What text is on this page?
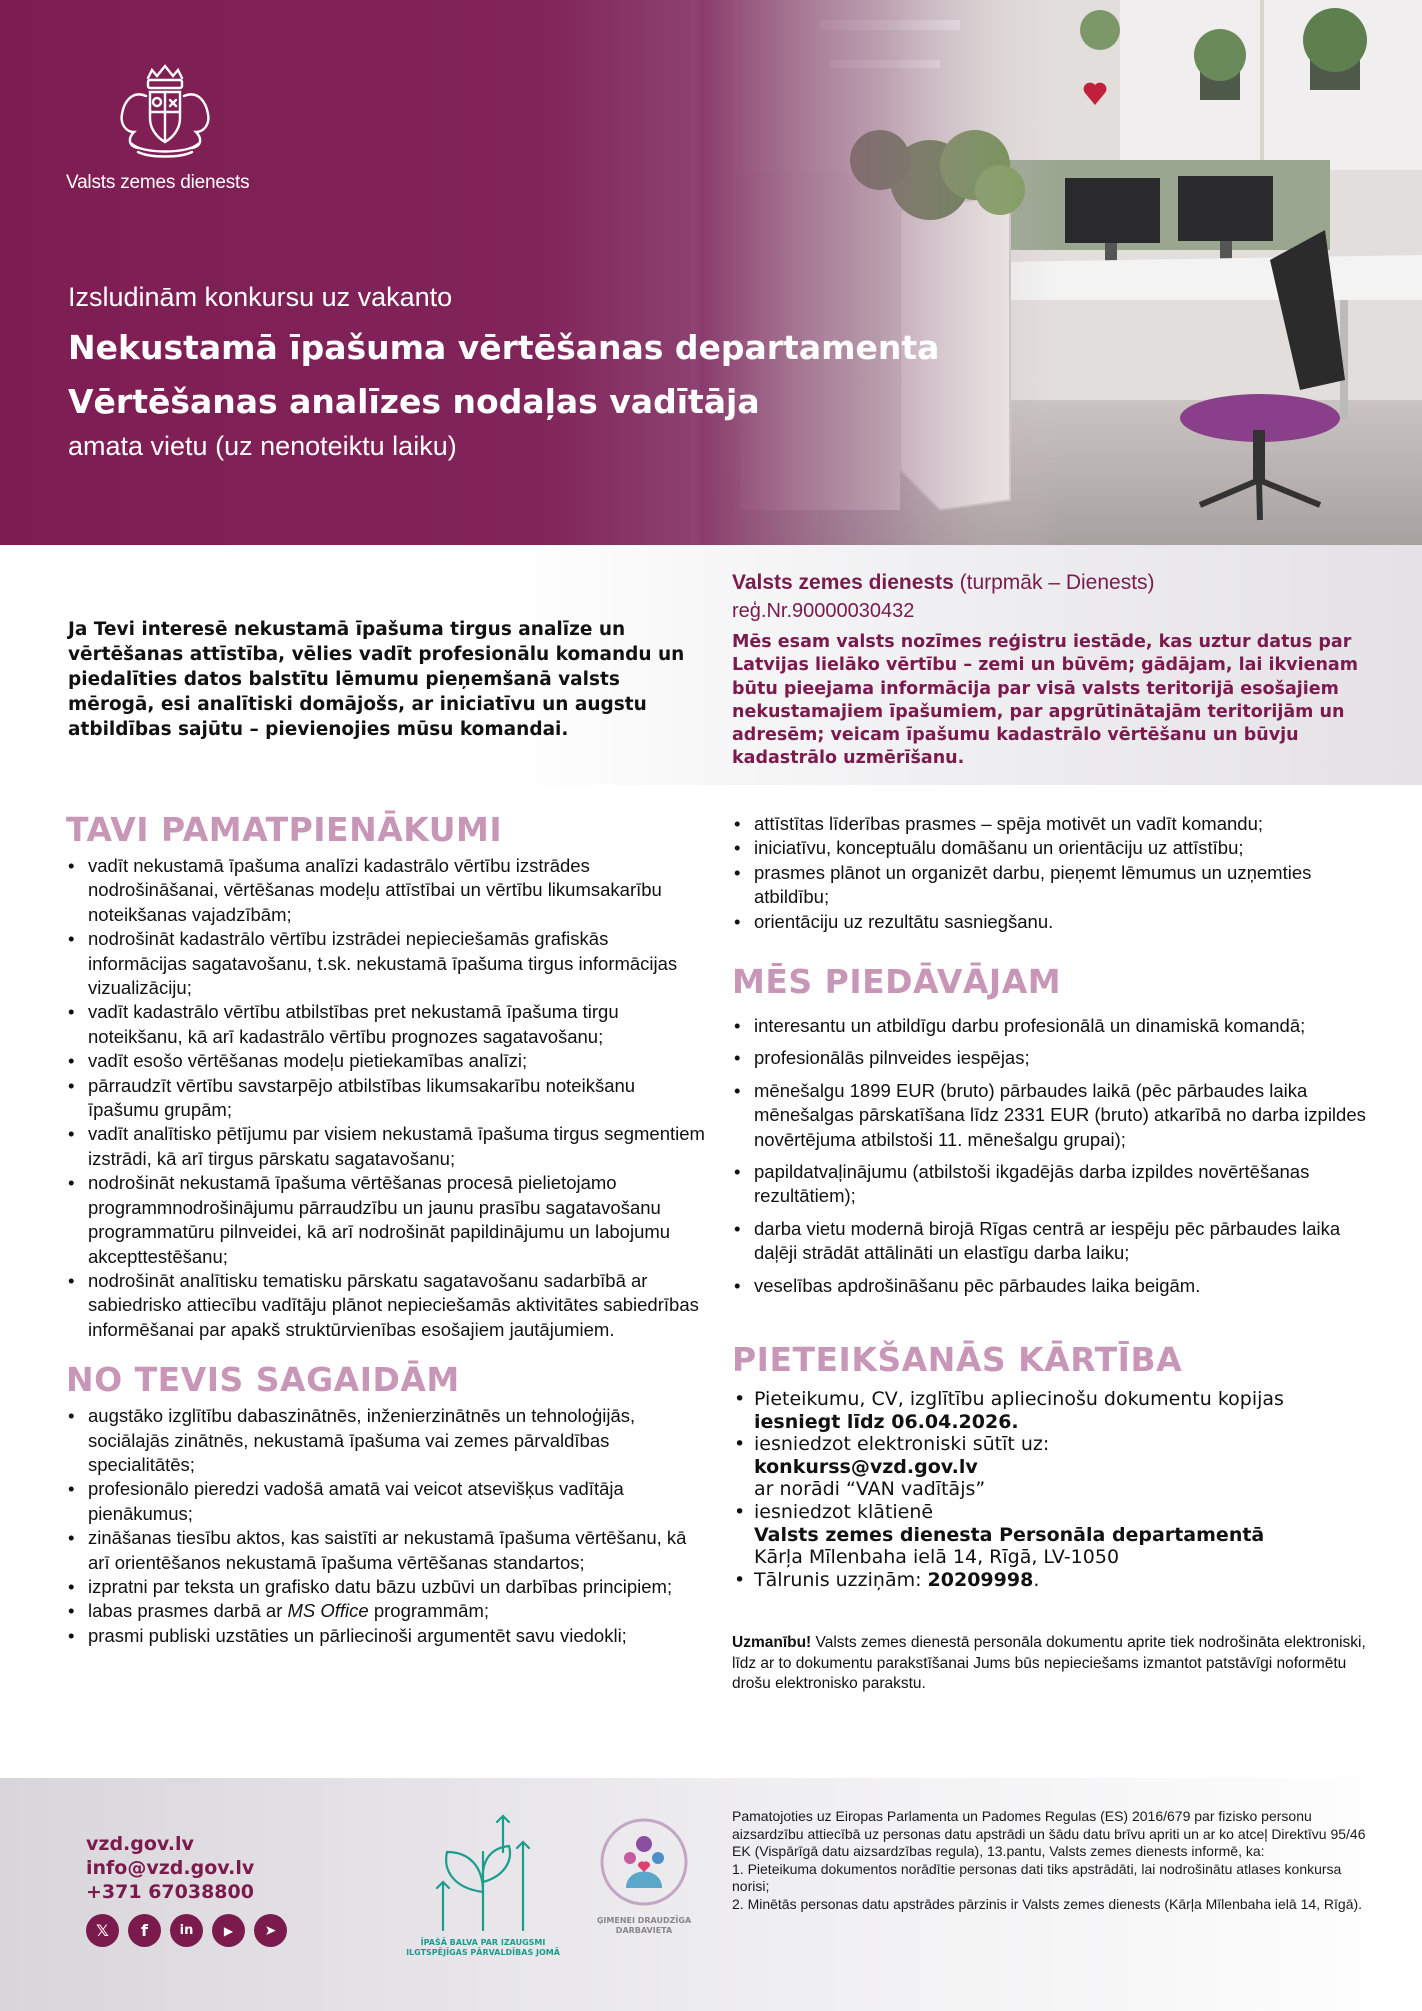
Valsts zemes dienests
Izsludinām konkursu uz vakanto
Nekustamā īpašuma vērtēšanas departamenta
Vērtēšanas analīzes nodaļas vadītāja
amata vietu (uz nenoteiktu laiku)

Ja Tevi interesē nekustamā īpašuma tirgus analīze un vērtēšanas attīstība, vēlies vadīt profesionālu komandu un piedalīties datos balstītu lēmumu pieņemšanā valsts mērogā, esi analītiski domājošs, ar iniciatīvu un augstu atbildības sajūtu – pievienojies mūsu komandai.

Valsts zemes dienests (turpmāk – Dienests)
reģ.Nr.90000030432

Mēs esam valsts nozīmes reģistru iestāde, kas uztur datus par Latvijas lielāko vērtību – zemi un būvēm; gādājam, lai ikvienam būtu pieejama informācija par visā valsts teritorijā esošajiem nekustamajiem īpašumiem, par apgrūtinātajām teritorijām un adresēm; veicam īpašumu kadastrālo vērtēšanu un būvju kadastrālo uzmērīšanu.

TAVI PAMATPIENĀKUMI
• vadīt nekustamā īpašuma analīzi kadastrālo vērtību izstrādes nodrošināšanai, vērtēšanas modeļu attīstībai un vērtību likumsakarību noteikšanas vajadzībām;
• nodrošināt kadastrālo vērtību izstrādei nepieciešamās grafiskās informācijas sagatavošanu, t.sk. nekustamā īpašuma tirgus informācijas vizualizāciju;
• vadīt kadastrālo vērtību atbilstības pret nekustamā īpašuma tirgu noteikšanu, kā arī kadastrālo vērtību prognozes sagatavošanu;
• vadīt esošo vērtēšanas modeļu pietiekamības analīzi;
• pārraudzīt vērtību savstarpējo atbilstības likumsakarību noteikšanu īpašumu grupām;
• vadīt analītisko pētījumu par visiem nekustamā īpašuma tirgus segmentiem izstrādi, kā arī tirgus pārskatu sagatavošanu;
• nodrošināt nekustamā īpašuma vērtēšanas procesā pielietojamo programmnodrošinājumu pārraudzību un jaunu prasību sagatavošanu programmatūru pilnveidei, kā arī nodrošināt papildinājumu un labojumu akcepttestēšanu;
• nodrošināt analītisku tematisku pārskatu sagatavošanu sadarbībā ar sabiedrisko attiecību vadītāju plānot nepieciešamās aktivitātes sabiedrības informēšanai par apakš struktūrvienības esošajiem jautājumiem.
NO TEVIS SAGAIDĀM
• augstāko izglītību dabaszinātnēs, inženierzinātnēs un tehnoloģijās, sociālajās zinātnēs, nekustamā īpašuma vai zemes pārvaldības specialitātēs;
• profesionālo pieredzi vadošā amatā vai veicot atsevišķus vadītāja pienākumus;
• zināšanas tiesību aktos, kas saistīti ar nekustamā īpašuma vērtēšanu, kā arī orientēšanos nekustamā īpašuma vērtēšanas standartos;
• izpratni par teksta un grafisko datu bāzu uzbūvi un darbības principiem;
• labas prasmes darbā ar MS Office programmām;
• prasmi publiski uzstāties un pārliecinoši argumentēt savu viedokli;
• attīstītas līderības prasmes – spēja motivēt un vadīt komandu;
• iniciatīvu, konceptuālu domāšanu un orientāciju uz attīstību;
• prasmes plānot un organizēt darbu, pieņemt lēmumus un uzņemties atbildību;
• orientāciju uz rezultātu sasniegšanu.
MĒS PIEDĀVĀJAM
• interesantu un atbildīgu darbu profesionālā un dinamiskā komandā;
• profesionālās pilnveides iespējas;
• mēnešalgu 1899 EUR (bruto) pārbaudes laikā (pēc pārbaudes laika mēnešalgas pārskatīšana līdz 2331 EUR (bruto) atkarībā no darba izpildes novērtējuma atbilstoši 11. mēnešalgu grupai);
• papildatvaļinājumu (atbilstoši ikgadējās darba izpildes novērtēšanas rezultātiem);
• darba vietu modernā birojā Rīgas centrā ar iespēju pēc pārbaudes laika daļēji strādāt attālināti un elastīgu darba laiku;
• veselības apdrošināšanu pēc pārbaudes laika beigām.
PIETEIKŠANĀS KĀRTĪBA
• Pieteikumu, CV, izglītību apliecinošu dokumentu kopijas
iesniegt līdz 06.04.2026.
• iesniedzot elektroniski sūtīt uz:
konkurss@vzd.gov.lv
ar norādi “VAN vadītājs”
• iesniedzot klātienē
Valsts zemes dienesta Personāla departamentā
Kārļa Mīlenbaha ielā 14, Rīgā, LV-1050
• Tālrunis uzziņām: 20209998.

Uzmanību! Valsts zemes dienestā personāla dokumentu aprite tiek nodrošināta elektroniski, līdz ar to dokumentu parakstīšanai Jums būs nepieciešams izmantot patstāvīgi noformētu drošu elektronisko parakstu.

vzd.gov.lv
info@vzd.gov.lv
+371 67038800
𝕏	f	in	▶	➤
ĪPAŠĀ BALVA PAR IZAUGSMI ILGTSPĒJĪGAS PĀRVALDĪBAS JOMĀ
ĢIMENEI DRAUDZĪGA DARBAVIETA
Pamatojoties uz Eiropas Parlamenta un Padomes Regulas (ES) 2016/679 par fizisko personu aizsardzību attiecībā uz personas datu apstrādi un šādu datu brīvu apriti un ar ko atceļ Direktīvu 95/46 EK (Vispārīgā datu aizsardzības regula), 13.pantu, Valsts zemes dienests informē, ka:
1. Pieteikuma dokumentos norādītie personas dati tiks apstrādāti, lai nodrošinātu atlases konkursa norisi;
2. Minētās personas datu apstrādes pārzinis ir Valsts zemes dienests (Kārļa Mīlenbaha ielā 14, Rīgā).
